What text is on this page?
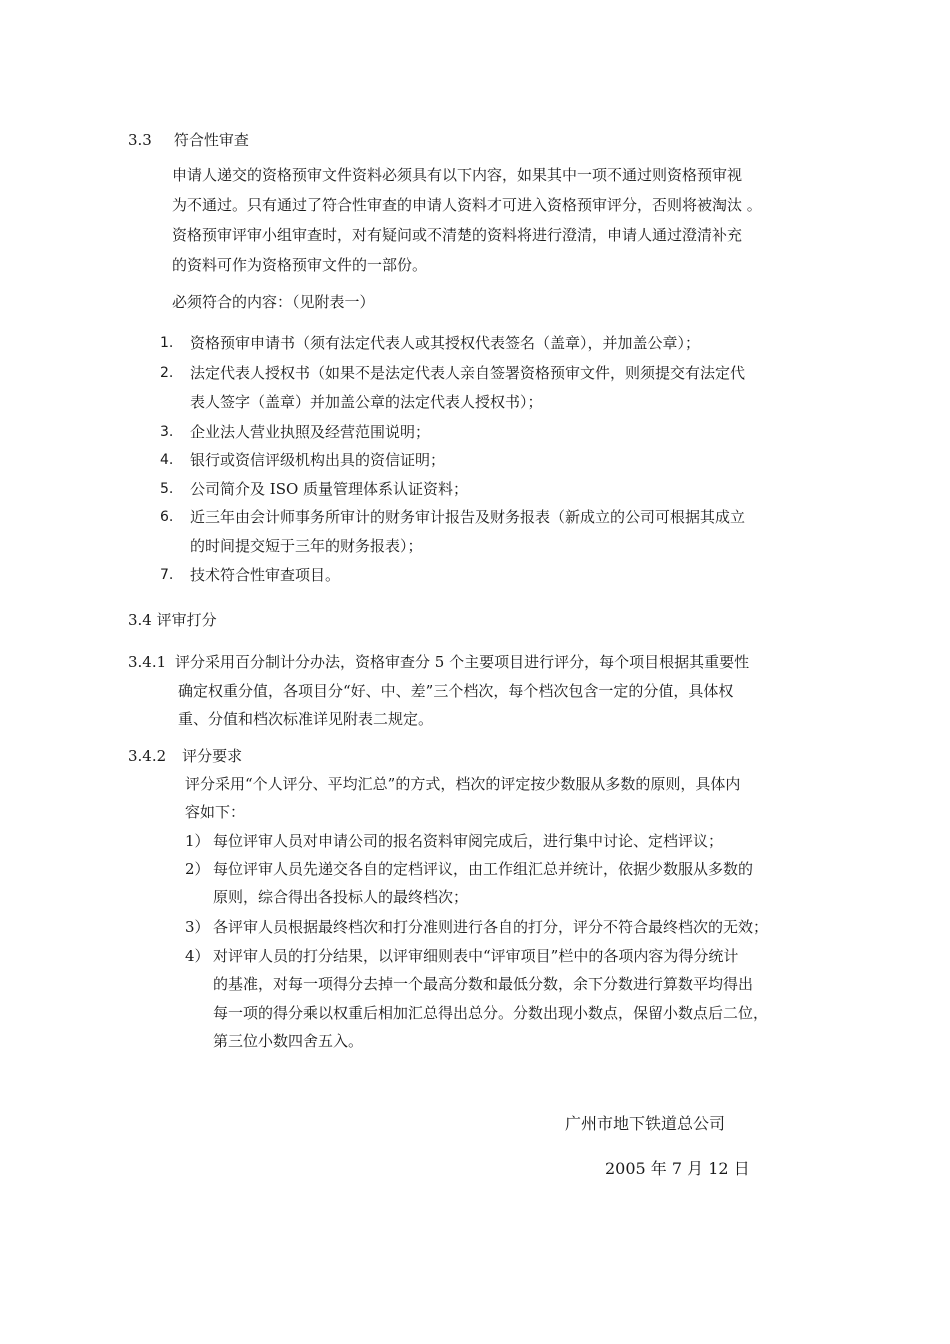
3.3 符合性审查
申请人递交的资格预审文件资料必须具有以下内容，如果其中一项不通过则资格预审视
为不通过。只有通过了符合性审查的申请人资料才可进入资格预审评分，否则将被淘汰 。
资格预审评审小组审查时，对有疑问或不清楚的资料将进行澄清，申请人通过澄清补充
的资料可作为资格预审文件的一部份。
必须符合的内容：（见附表一）
1. 资格预审申请书（须有法定代表人或其授权代表签名（盖章），并加盖公章）；
2. 法定代表人授权书（如果不是法定代表人亲自签署资格预审文件，则须提交有法定代
表人签字（盖章）并加盖公章的法定代表人授权书）；
3. 企业法人营业执照及经营范围说明；
4. 银行或资信评级机构出具的资信证明；
5. 公司简介及 ISO 质量管理体系认证资料；
6. 近三年由会计师事务所审计的财务审计报告及财务报表（新成立的公司可根据其成立
的时间提交短于三年的财务报表）；
7. 技术符合性审查项目。
3.4 评审打分
3.4.1 评分采用百分制计分办法，资格审查分 5 个主要项目进行评分，每个项目根据其重要性
确定权重分值，各项目分“好、中、差”三个档次，每个档次包含一定的分值，具体权
重、分值和档次标准详见附表二规定。
3.4.2 评分要求
评分采用“个人评分、平均汇总”的方式，档次的评定按少数服从多数的原则，具体内
容如下：
1） 每位评审人员对申请公司的报名资料审阅完成后，进行集中讨论、定档评议；
2） 每位评审人员先递交各自的定档评议，由工作组汇总并统计，依据少数服从多数的
原则，综合得出各投标人的最终档次；
3） 各评审人员根据最终档次和打分准则进行各自的打分，评分不符合最终档次的无效；
4） 对评审人员的打分结果，以评审细则表中“评审项目”栏中的各项内容为得分统计
的基准，对每一项得分去掉一个最高分数和最低分数，余下分数进行算数平均得出
每一项的得分乘以权重后相加汇总得出总分。分数出现小数点，保留小数点后二位，
第三位小数四舍五入。
广州市地下铁道总公司
2005 年 7 月 12 日
